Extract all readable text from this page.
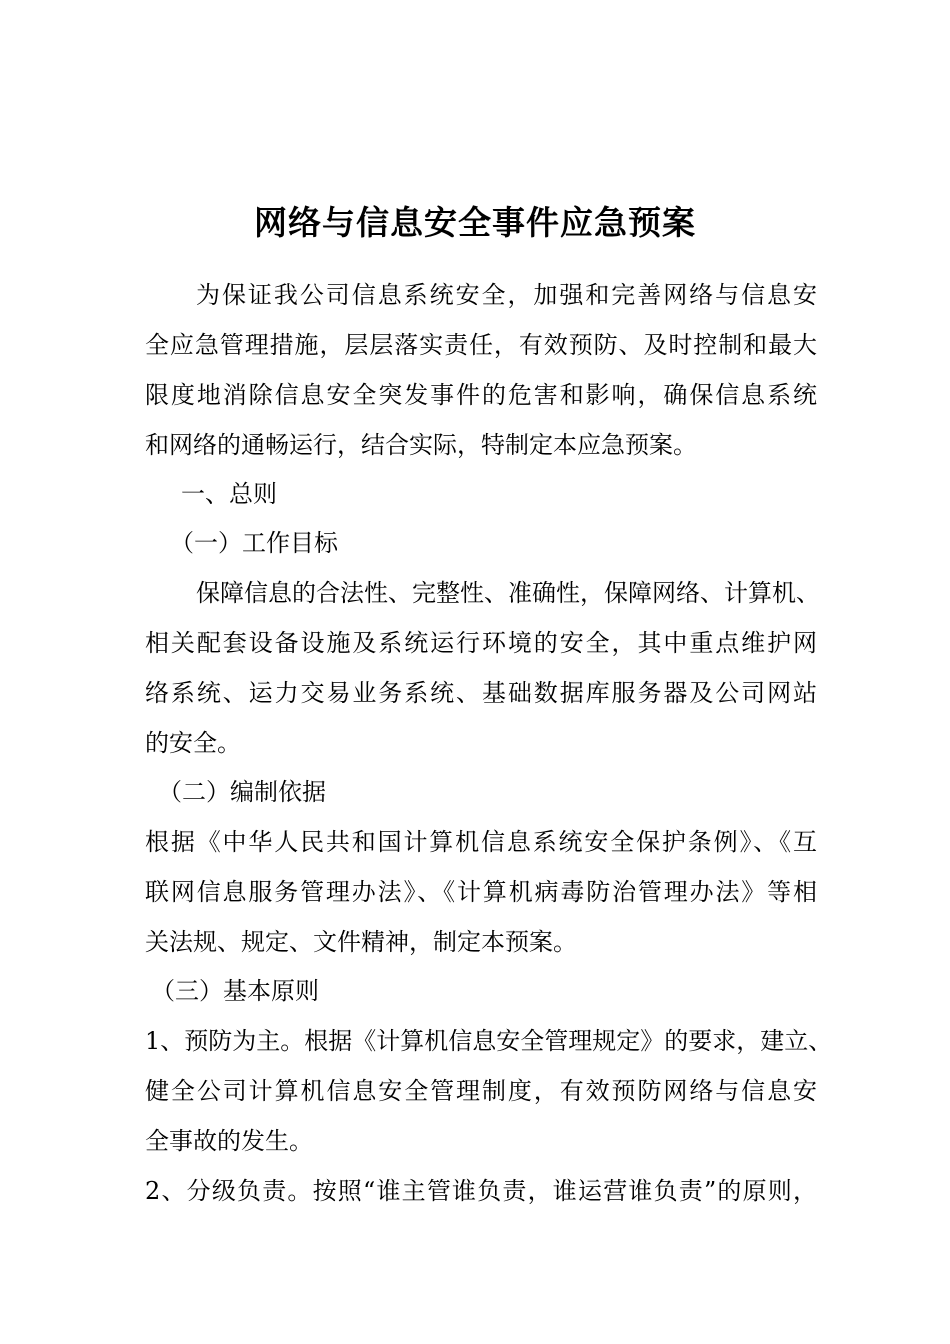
网络与信息安全事件应急预案
为保证我公司信息系统安全，加强和完善网络与信息安
全应急管理措施，层层落实责任，有效预防、及时控制和最大
限度地消除信息安全突发事件的危害和影响，确保信息系统
和网络的通畅运行，结合实际，特制定本应急预案。
一、总则
（一）工作目标
保障信息的合法性、完整性、准确性，保障网络、计算机、
相关配套设备设施及系统运行环境的安全，其中重点维护网
络系统、运力交易业务系统、基础数据库服务器及公司网站
的安全。
（二）编制依据
根据《中华人民共和国计算机信息系统安全保护条例》、《互
联网信息服务管理办法》、《计算机病毒防治管理办法》等相
关法规、规定、文件精神，制定本预案。
（三）基本原则
1、预防为主。根据《计算机信息安全管理规定》的要求，建立、
健全公司计算机信息安全管理制度，有效预防网络与信息安
全事故的发生。
2、分级负责。按照“谁主管谁负责，谁运营谁负责”的原则，
